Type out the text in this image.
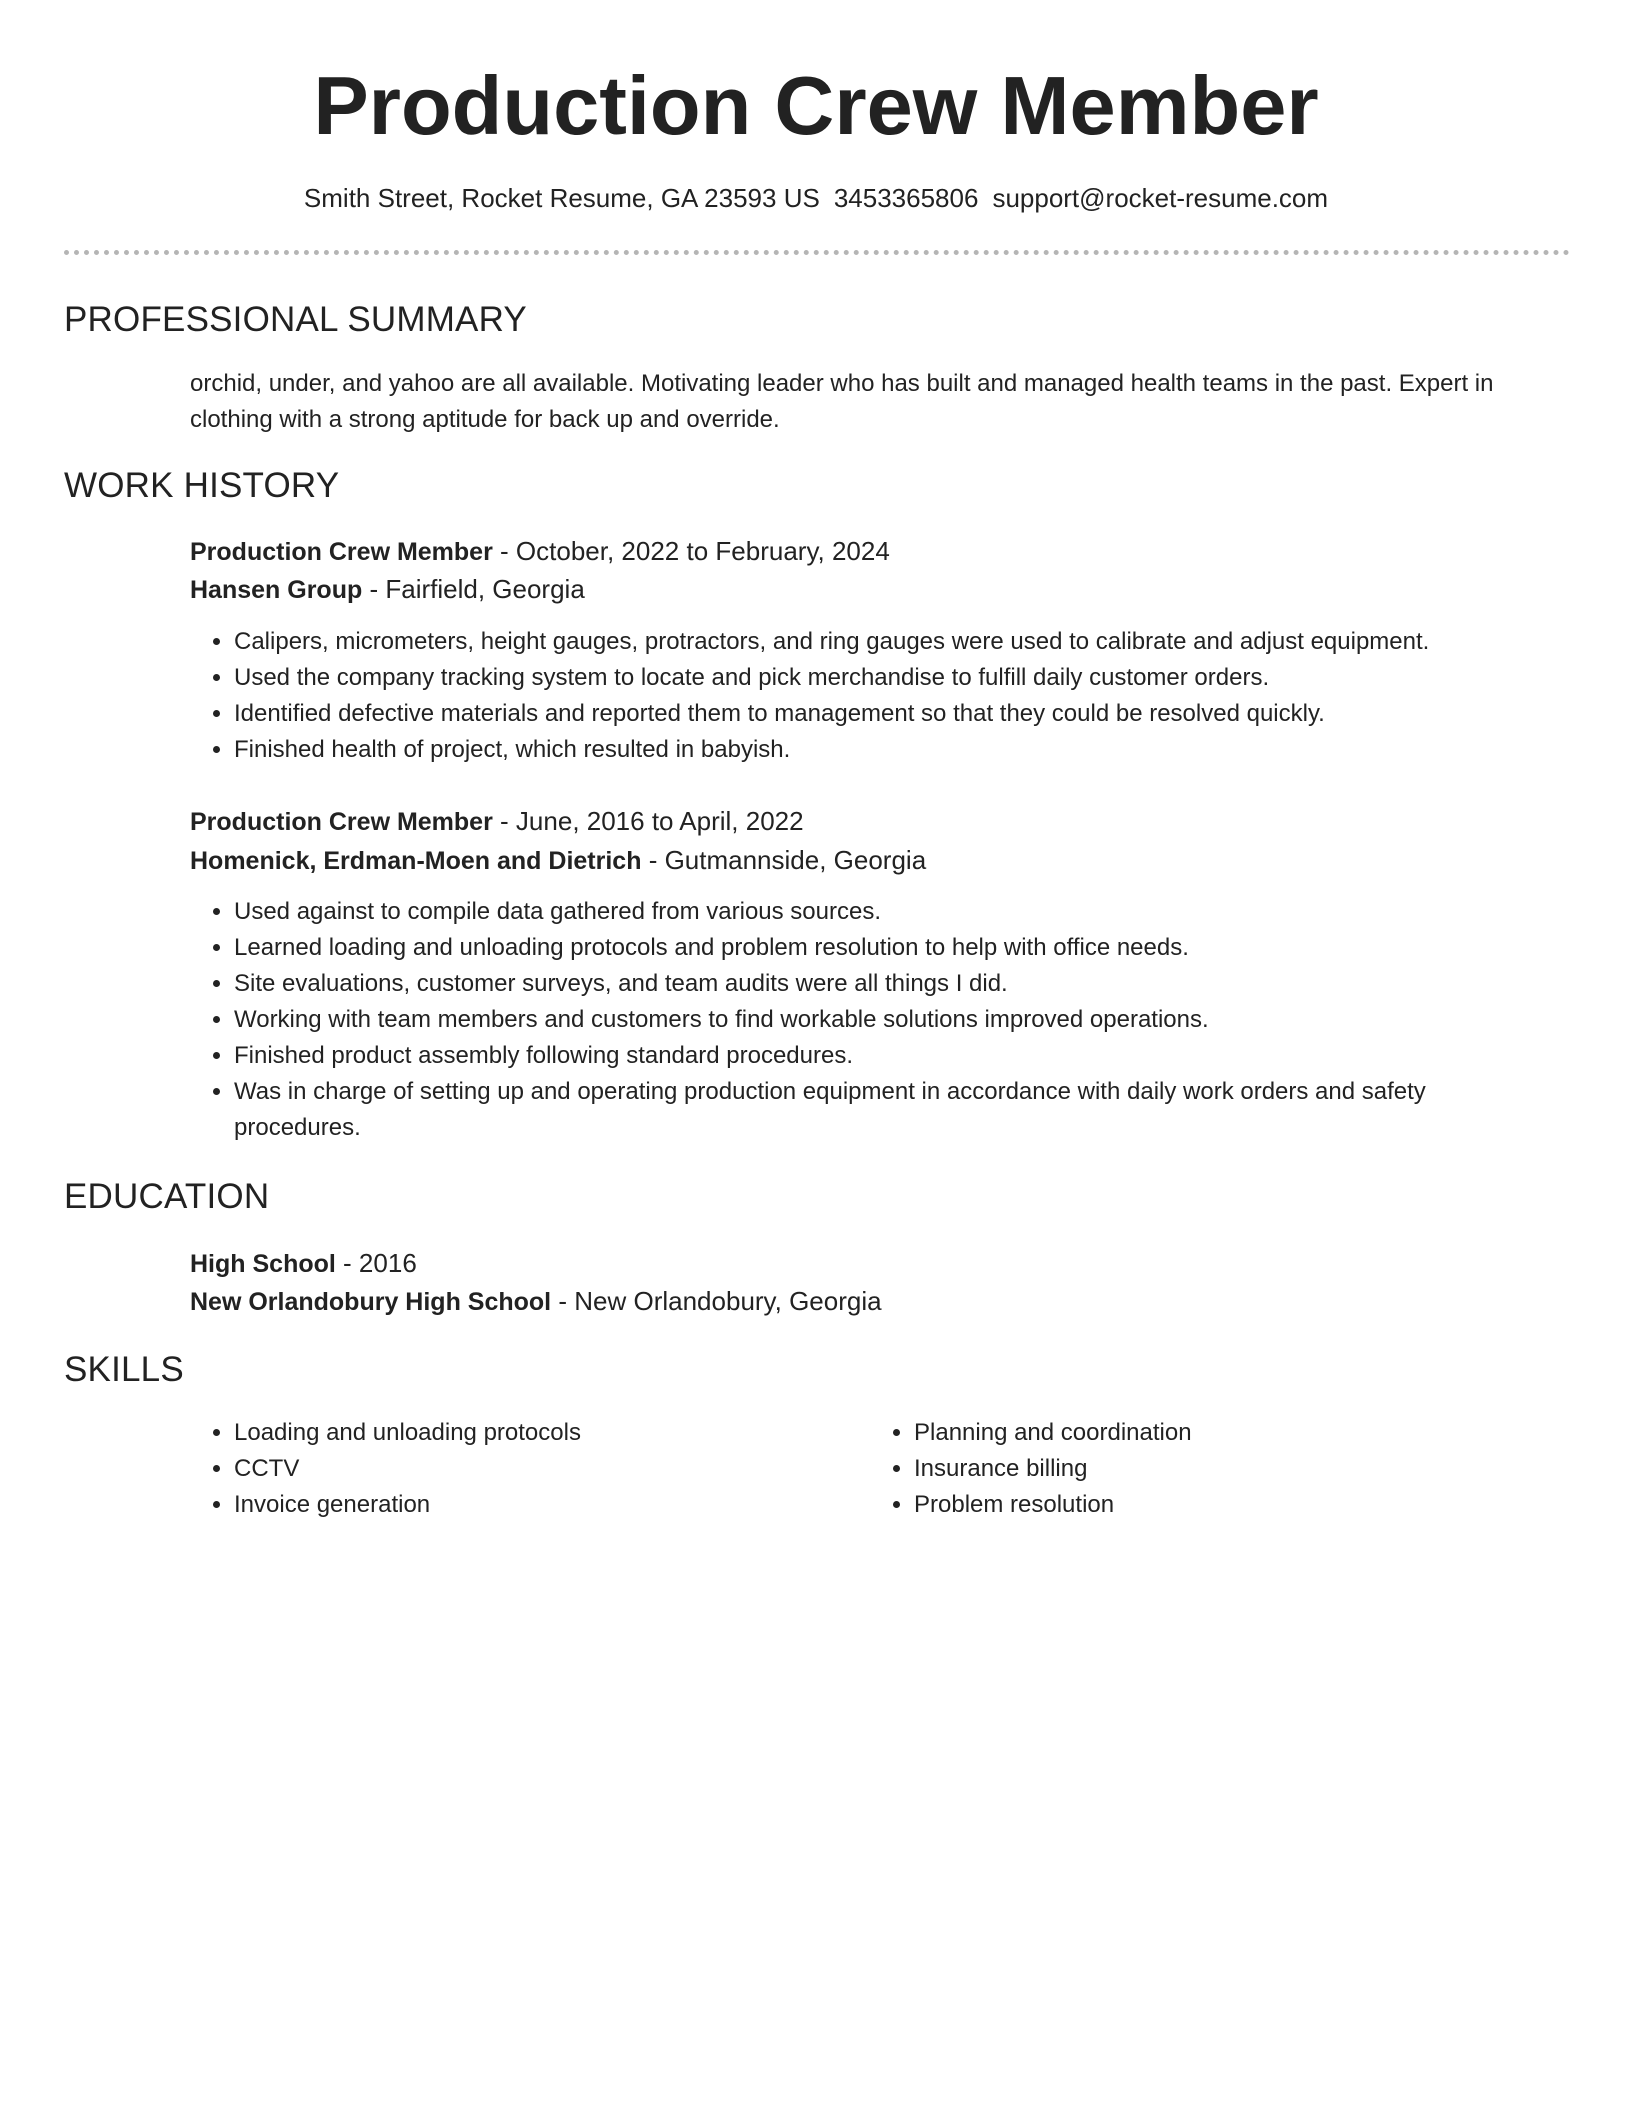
Production Crew Member
Smith Street, Rocket Resume, GA 23593 US 3453365806 support@rocket-resume.com
PROFESSIONAL SUMMARY

orchid, under, and yahoo are all available. Motivating leader who has built and managed health teams in the past. Expert in clothing with a strong aptitude for back up and override.

WORK HISTORY
Production Crew Member - October, 2022 to February, 2024
Hansen Group - Fairfield, Georgia
• Calipers, micrometers, height gauges, protractors, and ring gauges were used to calibrate and adjust equipment.
• Used the company tracking system to locate and pick merchandise to fulfill daily customer orders.
• Identified defective materials and reported them to management so that they could be resolved quickly.
• Finished health of project, which resulted in babyish.
Production Crew Member - June, 2016 to April, 2022
Homenick, Erdman-Moen and Dietrich - Gutmannside, Georgia
• Used against to compile data gathered from various sources.
• Learned loading and unloading protocols and problem resolution to help with office needs.
• Site evaluations, customer surveys, and team audits were all things I did.
• Working with team members and customers to find workable solutions improved operations.
• Finished product assembly following standard procedures.
• Was in charge of setting up and operating production equipment in accordance with daily work orders and safety procedures.
EDUCATION
High School - 2016
New Orlandobury High School - New Orlandobury, Georgia
SKILLS
• Loading and unloading protocols
• CCTV
• Invoice generation
• Planning and coordination
• Insurance billing
• Problem resolution
